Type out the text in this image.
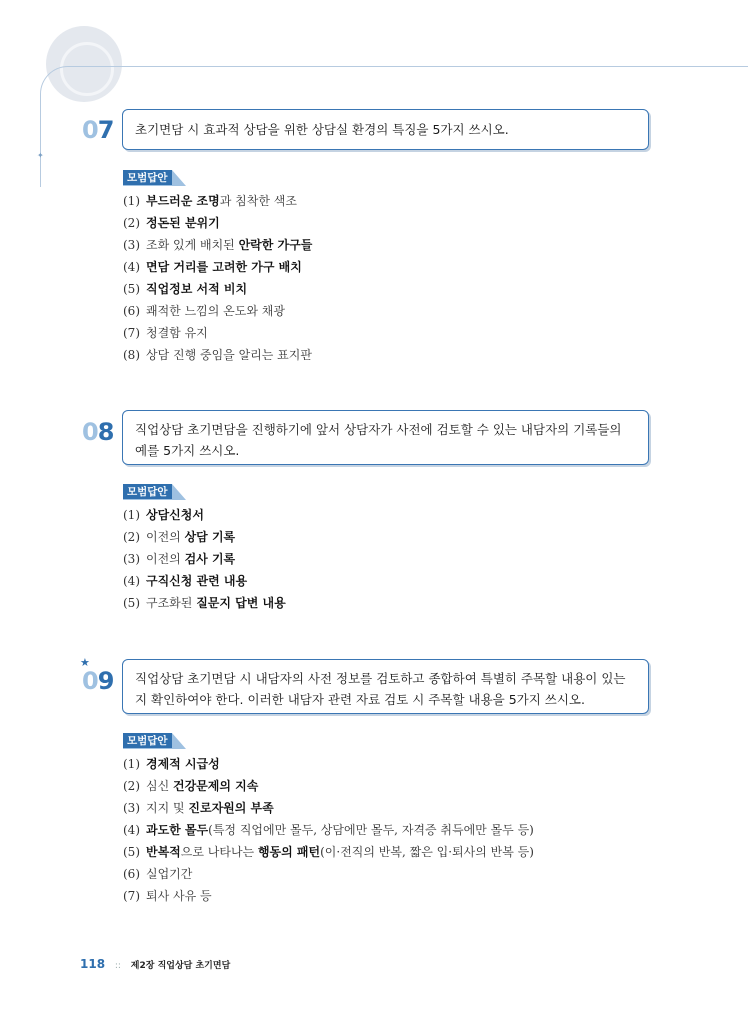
✦
07	초기면담 시 효과적 상담을 위한 상담실 환경의 특징을 5가지 쓰시오.
모범답안
(1) 부드러운 조명과 침착한 색조
(2) 정돈된 분위기
(3) 조화 있게 배치된 안락한 가구들
(4) 면담 거리를 고려한 가구 배치
(5) 직업정보 서적 비치
(6) 쾌적한 느낌의 온도와 채광
(7) 청결함 유지
(8) 상담 진행 중임을 알리는 표지판
08	직업상담 초기면담을 진행하기에 앞서 상담자가 사전에 검토할 수 있는 내담자의 기록들의 예를 5가지 쓰시오.
모범답안
(1) 상담신청서
(2) 이전의 상담 기록
(3) 이전의 검사 기록
(4) 구직신청 관련 내용
(5) 구조화된 질문지 답변 내용
★
09	직업상담 초기면담 시 내담자의 사전 정보를 검토하고 종합하여 특별히 주목할 내용이 있는지 확인하여야 한다. 이러한 내담자 관련 자료 검토 시 주목할 내용을 5가지 쓰시오.
모범답안
(1) 경제적 시급성
(2) 심신 건강문제의 지속
(3) 지지 및 진로자원의 부족
(4) 과도한 몰두(특정 직업에만 몰두, 상담에만 몰두, 자격증 취득에만 몰두 등)
(5) 반복적으로 나타나는 행동의 패턴(이·전직의 반복, 짧은 입·퇴사의 반복 등)
(6) 실업기간
(7) 퇴사 사유 등
118 :: 제2장 직업상담 초기면담
